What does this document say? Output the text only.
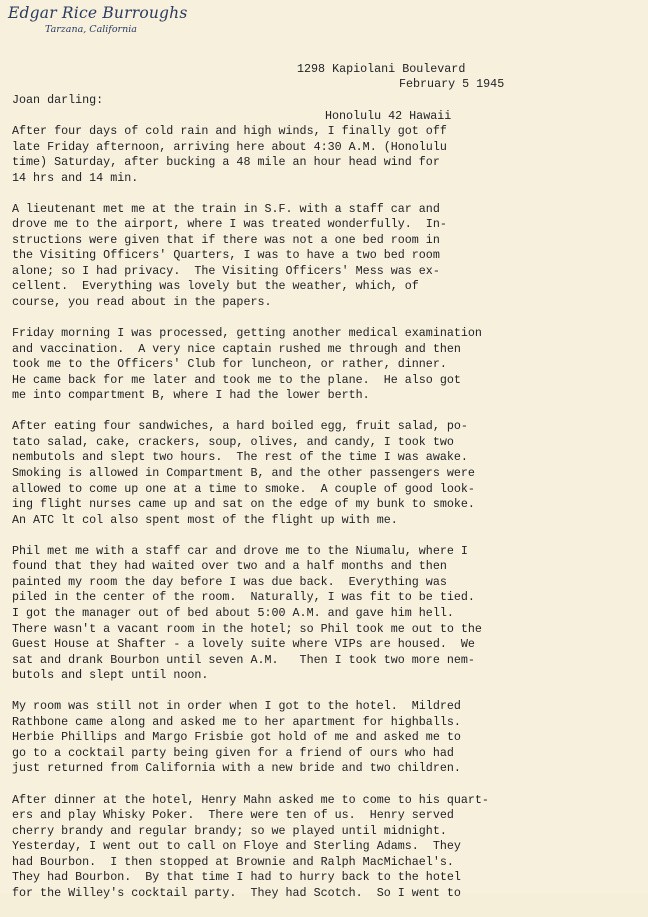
Edgar Rice Burroughs
Tarzana, California

1298 Kapiolani Boulevard

Honolulu 42 Hawaii

February 5 1945
Joan darling:
After four days of cold rain and high winds, I finally got off
late Friday afternoon, arriving here about 4:30 A.M. (Honolulu
time) Saturday, after bucking a 48 mile an hour head wind for
14 hrs and 14 min.
A lieutenant met me at the train in S.F. with a staff car and
drove me to the airport, where I was treated wonderfully.  In-
structions were given that if there was not a one bed room in
the Visiting Officers' Quarters, I was to have a two bed room
alone; so I had privacy.  The Visiting Officers' Mess was ex-
cellent.  Everything was lovely but the weather, which, of
course, you read about in the papers.
Friday morning I was processed, getting another medical examination
and vaccination.  A very nice captain rushed me through and then
took me to the Officers' Club for luncheon, or rather, dinner.
He came back for me later and took me to the plane.  He also got
me into compartment B, where I had the lower berth.
After eating four sandwiches, a hard boiled egg, fruit salad, po-
tato salad, cake, crackers, soup, olives, and candy, I took two
nembutols and slept two hours.  The rest of the time I was awake.
Smoking is allowed in Compartment B, and the other passengers were
allowed to come up one at a time to smoke.  A couple of good look-
ing flight nurses came up and sat on the edge of my bunk to smoke.
An ATC lt col also spent most of the flight up with me.
Phil met me with a staff car and drove me to the Niumalu, where I
found that they had waited over two and a half months and then
painted my room the day before I was due back.  Everything was
piled in the center of the room.  Naturally, I was fit to be tied.
I got the manager out of bed about 5:00 A.M. and gave him hell.
There wasn't a vacant room in the hotel; so Phil took me out to the
Guest House at Shafter - a lovely suite where VIPs are housed.  We
sat and drank Bourbon until seven A.M.   Then I took two more nem-
butols and slept until noon.
My room was still not in order when I got to the hotel.  Mildred
Rathbone came along and asked me to her apartment for highballs.
Herbie Phillips and Margo Frisbie got hold of me and asked me to
go to a cocktail party being given for a friend of ours who had
just returned from California with a new bride and two children.
After dinner at the hotel, Henry Mahn asked me to come to his quart-
ers and play Whisky Poker.  There were ten of us.  Henry served
cherry brandy and regular brandy; so we played until midnight.
Yesterday, I went out to call on Floye and Sterling Adams.  They
had Bourbon.  I then stopped at Brownie and Ralph MacMichael's.
They had Bourbon.  By that time I had to hurry back to the hotel
for the Willey's cocktail party.  They had Scotch.  So I went to
